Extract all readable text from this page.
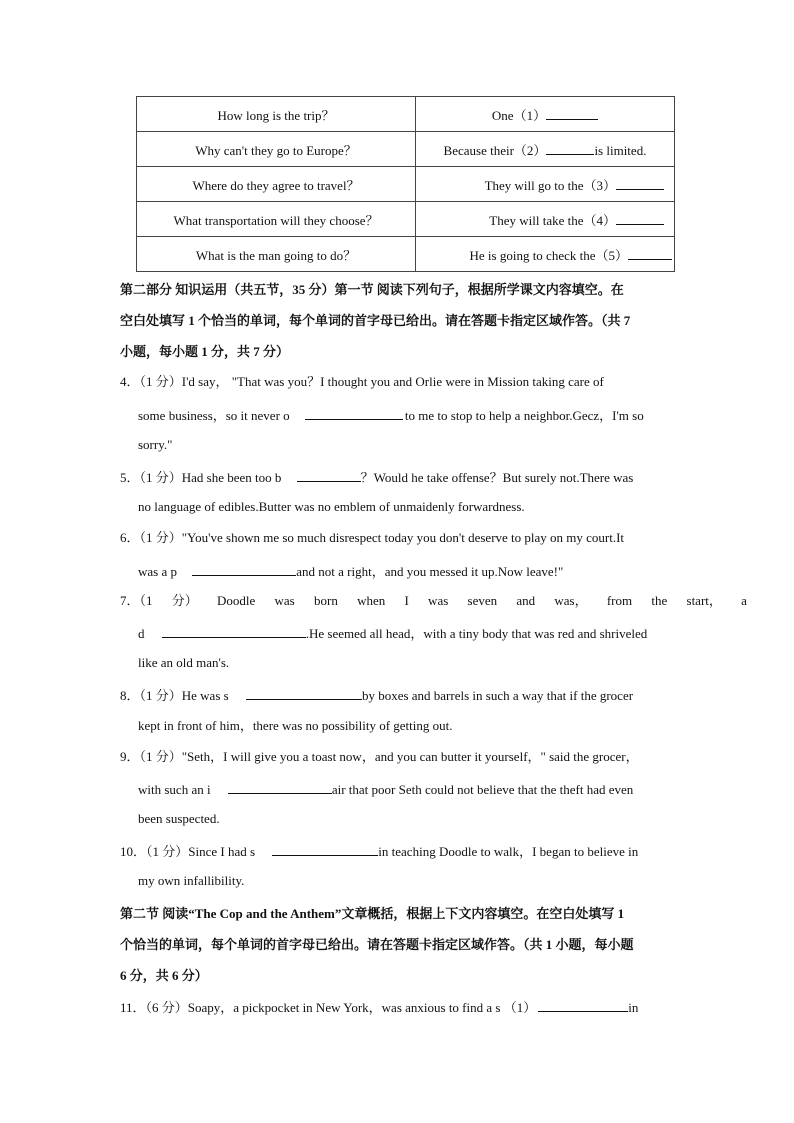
How long is the trip？	One（1）
Why can't they go to Europe？	Because their（2） is limited.
Where do they agree to travel？	They will go to the（3）
What transportation will they choose？	They will take the（4）
What is the man going to do？	He is going to check the（5）
第二部分 知识运用（共五节，35 分）第一节 阅读下列句子，根据所学课文内容填空。在
空白处填写 1 个恰当的单词，每个单词的首字母已给出。请在答题卡指定区域作答。（共 7
小题，每小题 1 分，共 7 分）
4．（1 分）I'd say， "That was you？I thought you and Orlie were in Mission taking care of
some business，so it never o	to me to stop to help a neighbor.Gecz，I'm so
sorry."
5．（1 分）Had she been too b	？Would he take offense？But surely not.There was
no language of edibles.Butter was no emblem of unmaidenly forwardness.
6．（1 分）"You've shown me so much disrespect today you don't deserve to play on my court.It
was a p	and not a right，and you messed it up.Now leave!"
7．（1 分） Doodle was born when I was seven and was， from the start， a
d	.He seemed all head，with a tiny body that was red and shriveled
like an old man's.
8．（1 分）He was s	by boxes and barrels in such a way that if the grocer
kept in front of him，there was no possibility of getting out.
9．（1 分）"Seth，I will give you a toast now，and you can butter it yourself，" said the grocer，
with such an i	air that poor Seth could not believe that the theft had even
been suspected.
10．（1 分）Since I had s	in teaching Doodle to walk，I began to believe in
my own infallibility.
第二节 阅读“The Cop and the Anthem”文章概括，根据上下文内容填空。在空白处填写 1
个恰当的单词，每个单词的首字母已给出。请在答题卡指定区域作答。（共 1 小题，每小题
6 分，共 6 分）
11．（6 分）Soapy，a pickpocket in New York，was anxious to find a s （1）	in
